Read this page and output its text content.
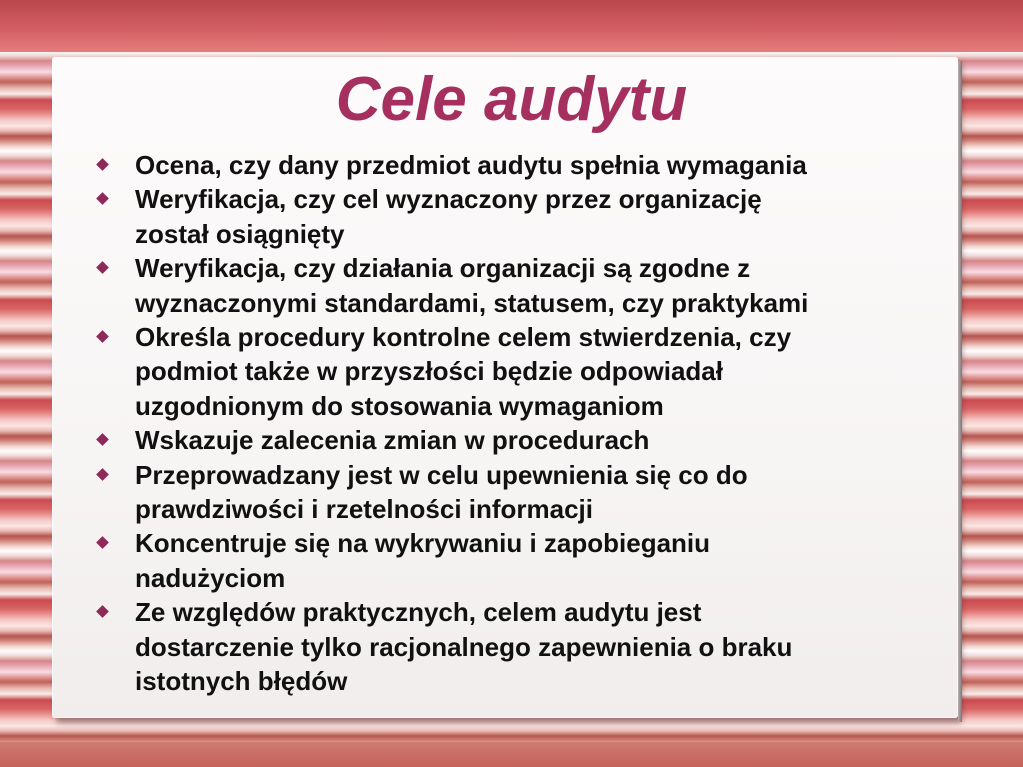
Cele audytu
Ocena, czy dany przedmiot audytu spełnia wymagania
Weryfikacja, czy cel wyznaczony przez organizację
został osiągnięty
Weryfikacja, czy działania organizacji są zgodne z
wyznaczonymi standardami, statusem, czy praktykami
Określa procedury kontrolne celem stwierdzenia, czy
podmiot także w przyszłości będzie odpowiadał
uzgodnionym do stosowania wymaganiom
Wskazuje zalecenia zmian w procedurach
Przeprowadzany jest w celu upewnienia się co do
prawdziwości i rzetelności informacji
Koncentruje się na wykrywaniu i zapobieganiu
nadużyciom
Ze względów praktycznych, celem audytu jest
dostarczenie tylko racjonalnego zapewnienia o braku
istotnych błędów
